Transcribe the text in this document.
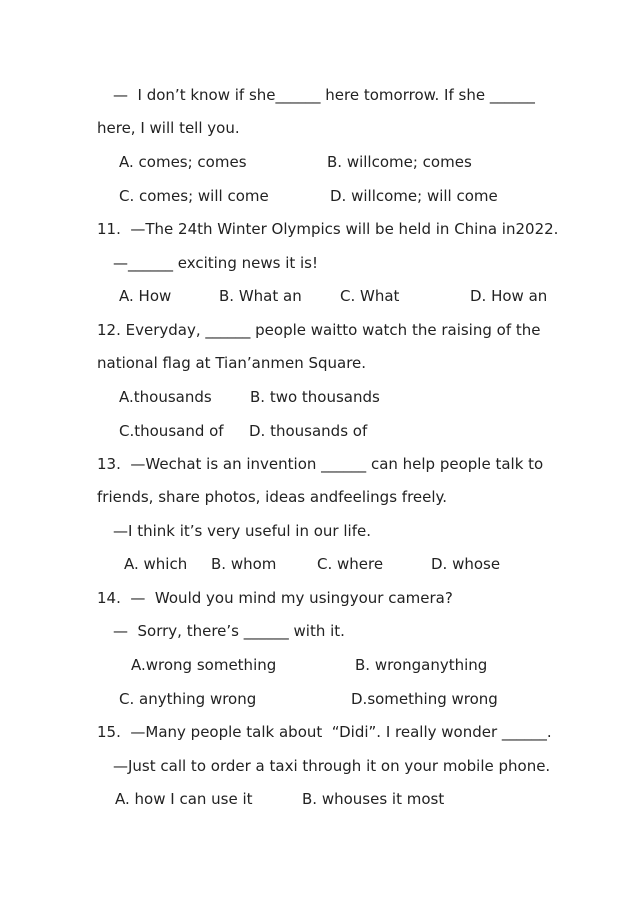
—  I don’t know if she______ here tomorrow. If she ______
here, I will tell you.
A. comes; comes	B. willcome; comes
C. comes; will come	D. willcome; will come
11.  —The 24th Winter Olympics will be held in China in2022.
—______ exciting news it is!
A. How	B. What an	C. What	D. How an
12. Everyday, ______ people waitto watch the raising of the
national flag at Tian’anmen Square.
A.thousands	B. two thousands
C.thousand of D. thousands of
13.  —Wechat is an invention ______ can help people talk to
friends, share photos, ideas andfeelings freely.
—I think it’s very useful in our life.
A. which B. whom	C. where	D. whose
14.  —  Would you mind my usingyour camera?
—  Sorry, there’s ______ with it.
A.wrong something	B. wronganything
C. anything wrong	D.something wrong
15.  —Many people talk about  “Didi”. I really wonder ______.
—Just call to order a taxi through it on your mobile phone.
A. how I can use it	B. whouses it most
